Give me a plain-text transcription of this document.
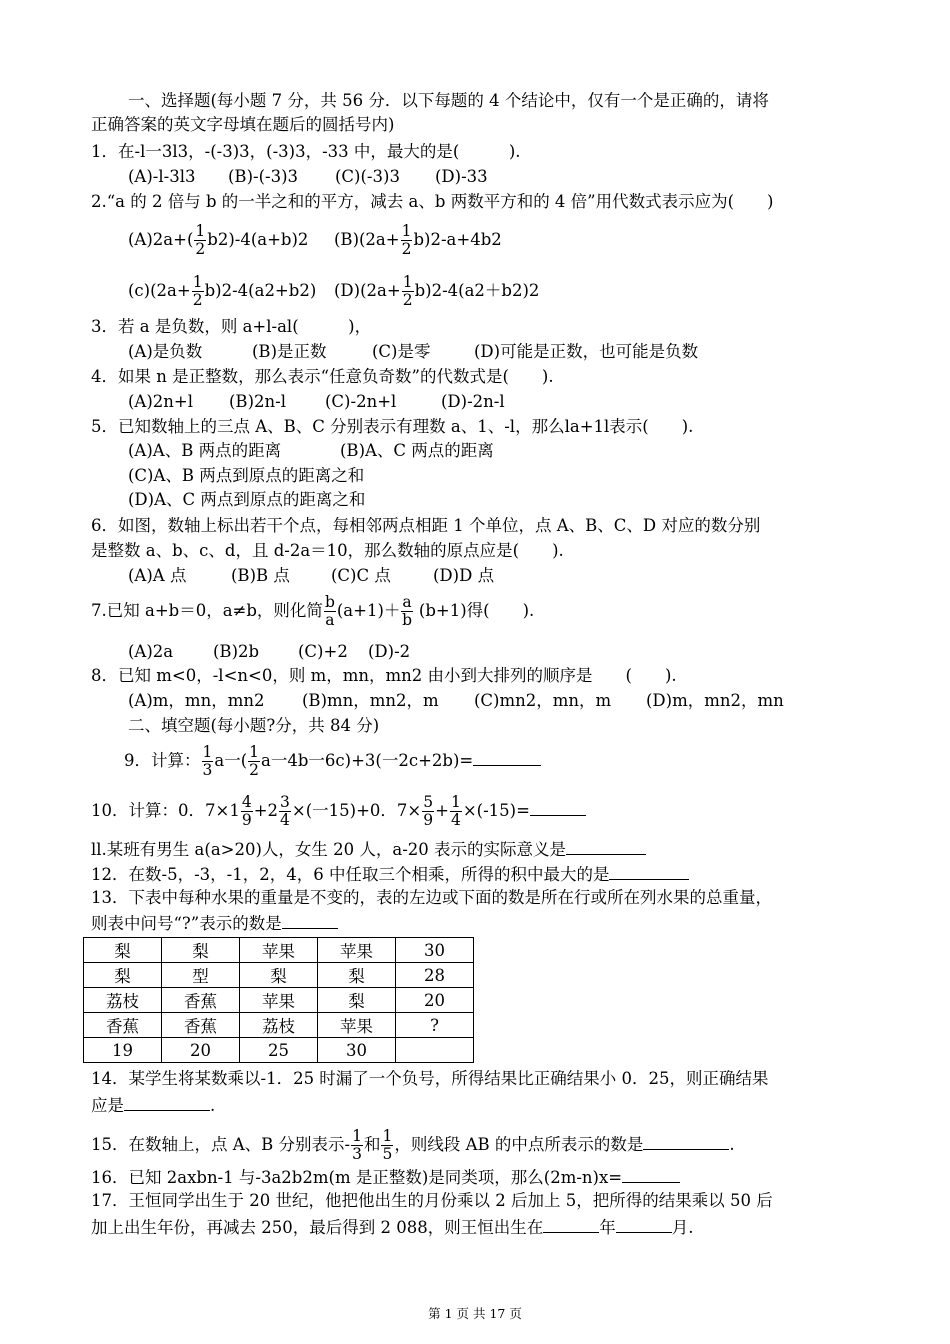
一、选择题(每小题 7 分，共 56 分．以下每题的 4 个结论中，仅有一个是正确的，请将
正确答案的英文字母填在题后的圆括号内)
1．在-l一3l3，-(-3)3，(-3)3，-33 中，最大的是(　　　).
(A)-l-3l3 (B)-(-3)3 (C)(-3)3 (D)-33
2.“a 的 2 倍与 b 的一半之和的平方，减去 a、b 两数平方和的 4 倍”用代数式表示应为(　　)
$(A)2a+( \frac{1}{2} b2)-4(a+b)2$ $(B)(2a+ \frac{1}{2} b)2-a+4b2$
$(c)(2a+ \frac{1}{2} b)2-4(a2+b2)$ $(D)(2a+ \frac{1}{2} b)2-4(a2+b2)2$
3．若 a 是负数，则 a+l-al(　　　)，
(A)是负数	(B)是正数	(C)是零	(D)可能是正数，也可能是负数
4．如果 n 是正整数，那么表示“任意负奇数”的代数式是(　　).
(A)2n+l (B)2n-l (C)-2n+l	(D)-2n-l
5．已知数轴上的三点 A、B、C 分别表示有理数 a、1、-l，那么la+1l表示(　　).
(A)A、B 两点的距离	(B)A、C 两点的距离
(C)A、B 两点到原点的距离之和
(D)A、C 两点到原点的距离之和
6．如图，数轴上标出若干个点，每相邻两点相距 1 个单位，点 A、B、C、D 对应的数分别
是整数 a、b、c、d，且 d-2a＝10，那么数轴的原点应是(　　).
(A)A 点	(B)B 点 (C)C 点	(D)D 点
7.已知 a+b＝0，a≠b，则化简 $\frac{b}{a} (a+1)+ \frac{a}{b} (b+1)$得(　　).
(A)2a (B)2b (C)+2 (D)-2
8．已知 m<0，-l<n<0，则 m，mn，mn2 由小到大排列的顺序是　　(　　).
(A)m，mn，mn2 (B)mn，mn2，m (C)mn2，mn，m (D)m，mn2，mn
二、填空题(每小题?分，共 84 分)
9．计算： $\frac{1}{3}$ a一( $\frac{1}{2}$ a一4b一6c)+3(一2c+2b)=
10．计算：0．$7\times 1 \frac{4}{9} +2 \frac{3}{4}$ ×(一15)+0．$7\times \frac{5}{9} + \frac{1}{4} \times(-15)=$
ll.某班有男生 a(a>20)人，女生 20 人，a-20 表示的实际意义是
12．在数-5，-3，-1，2，4，6 中任取三个相乘，所得的积中最大的是
13．下表中每种水果的重量是不变的，表的左边或下面的数是所在行或所在列水果的总重量，
则表中问号“?”表示的数是
梨	梨	苹果	苹果	30
梨	型	梨	梨	28
荔枝	香蕉	苹果	梨	20
香蕉	香蕉	荔枝	苹果	?
19	20	25	30	
14．某学生将某数乘以-1．25 时漏了一个负号，所得结果比正确结果小 0．25，则正确结果
应是	.
15．在数轴上，点 A、B 分别表示- $\frac{1}{3}$ 和 $\frac{1}{5}$ ，则线段 AB 的中点所表示的数是	.
16．已知 2axbn-1 与-3a2b2m(m 是正整数)是同类项，那么(2m-n)x=
17．王恒同学出生于 20 世纪，他把他出生的月份乘以 2 后加上 5，把所得的结果乘以 50 后
加上出生年份，再减去 250，最后得到 2 088，则王恒出生在	年	月.
第 1 页 共 17 页
